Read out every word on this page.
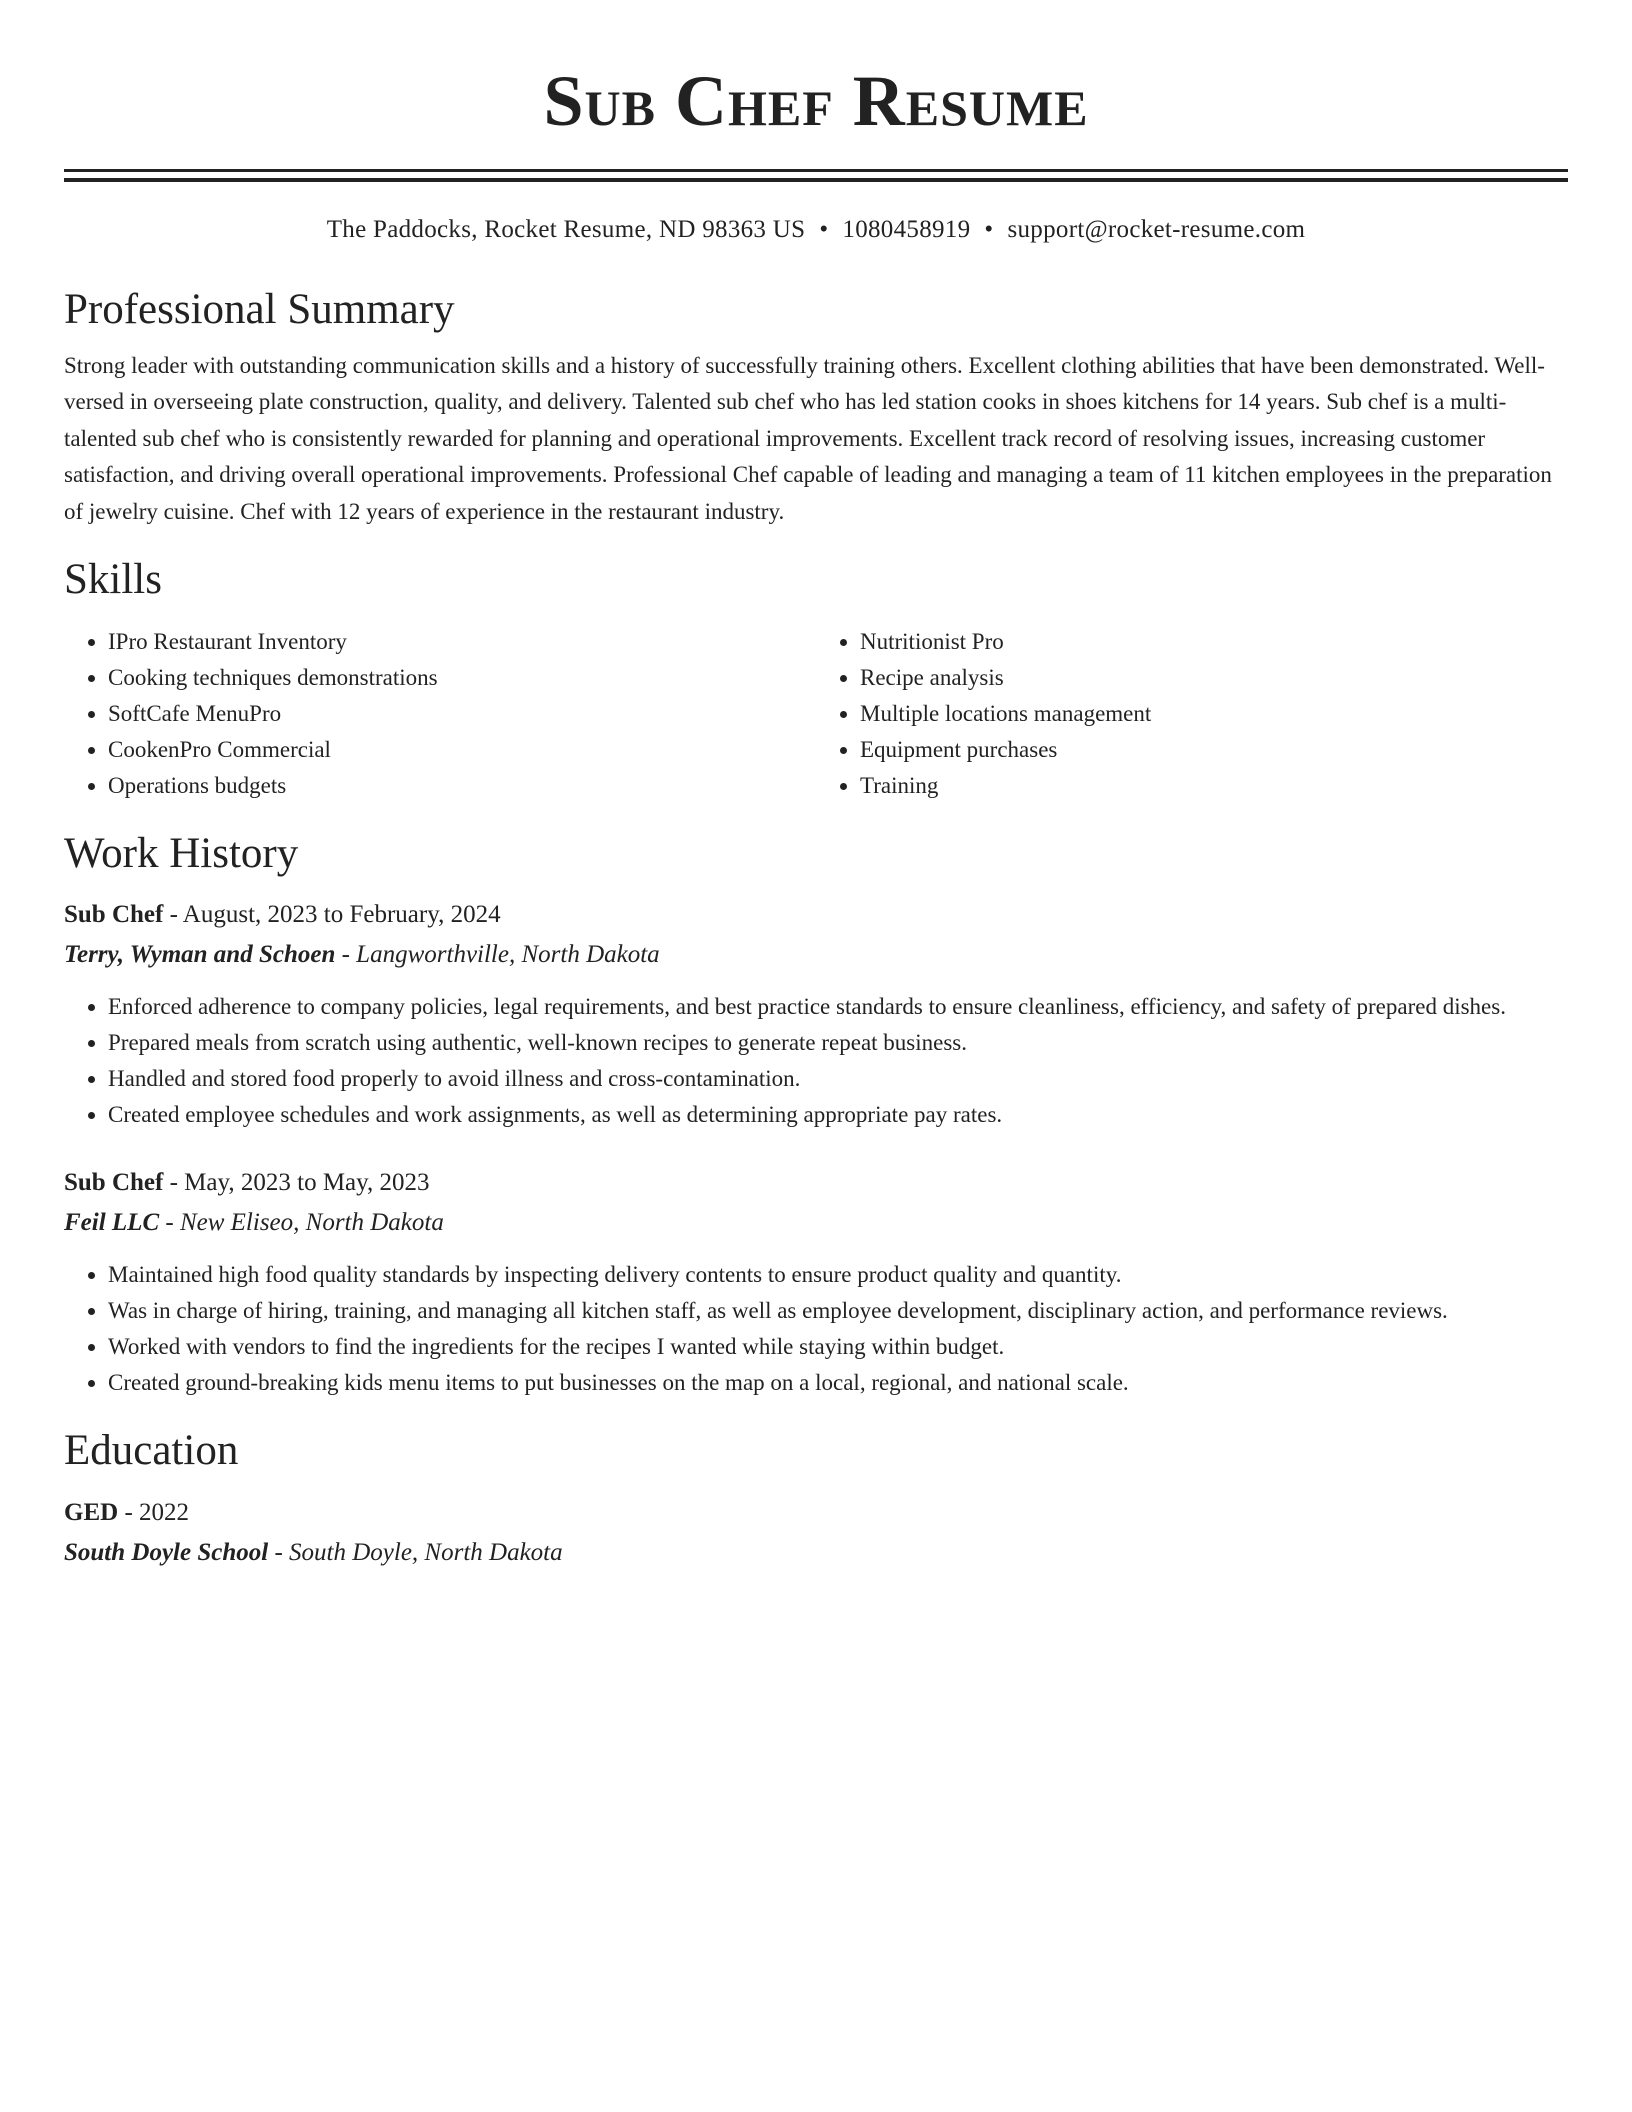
Sub Chef Resume
The Paddocks, Rocket Resume, ND 98363 US • 1080458919 • support@rocket-resume.com
Professional Summary

Strong leader with outstanding communication skills and a history of successfully training others. Excellent clothing abilities that have been demonstrated. Well-versed in overseeing plate construction, quality, and delivery. Talented sub chef who has led station cooks in shoes kitchens for 14 years. Sub chef is a multi-talented sub chef who is consistently rewarded for planning and operational improvements. Excellent track record of resolving issues, increasing customer satisfaction, and driving overall operational improvements. Professional Chef capable of leading and managing a team of 11 kitchen employees in the preparation of jewelry cuisine. Chef with 12 years of experience in the restaurant industry.

Skills
• IPro Restaurant Inventory
• Cooking techniques demonstrations
• SoftCafe MenuPro
• CookenPro Commercial
• Operations budgets
• Nutritionist Pro
• Recipe analysis
• Multiple locations management
• Equipment purchases
• Training
Work History
Sub Chef - August, 2023 to February, 2024
Terry, Wyman and Schoen - Langworthville, North Dakota
• Enforced adherence to company policies, legal requirements, and best practice standards to ensure cleanliness, efficiency, and safety of prepared dishes.
• Prepared meals from scratch using authentic, well-known recipes to generate repeat business.
• Handled and stored food properly to avoid illness and cross-contamination.
• Created employee schedules and work assignments, as well as determining appropriate pay rates.
Sub Chef - May, 2023 to May, 2023
Feil LLC - New Eliseo, North Dakota
• Maintained high food quality standards by inspecting delivery contents to ensure product quality and quantity.
• Was in charge of hiring, training, and managing all kitchen staff, as well as employee development, disciplinary action, and performance reviews.
• Worked with vendors to find the ingredients for the recipes I wanted while staying within budget.
• Created ground-breaking kids menu items to put businesses on the map on a local, regional, and national scale.
Education
GED - 2022
South Doyle School - South Doyle, North Dakota
